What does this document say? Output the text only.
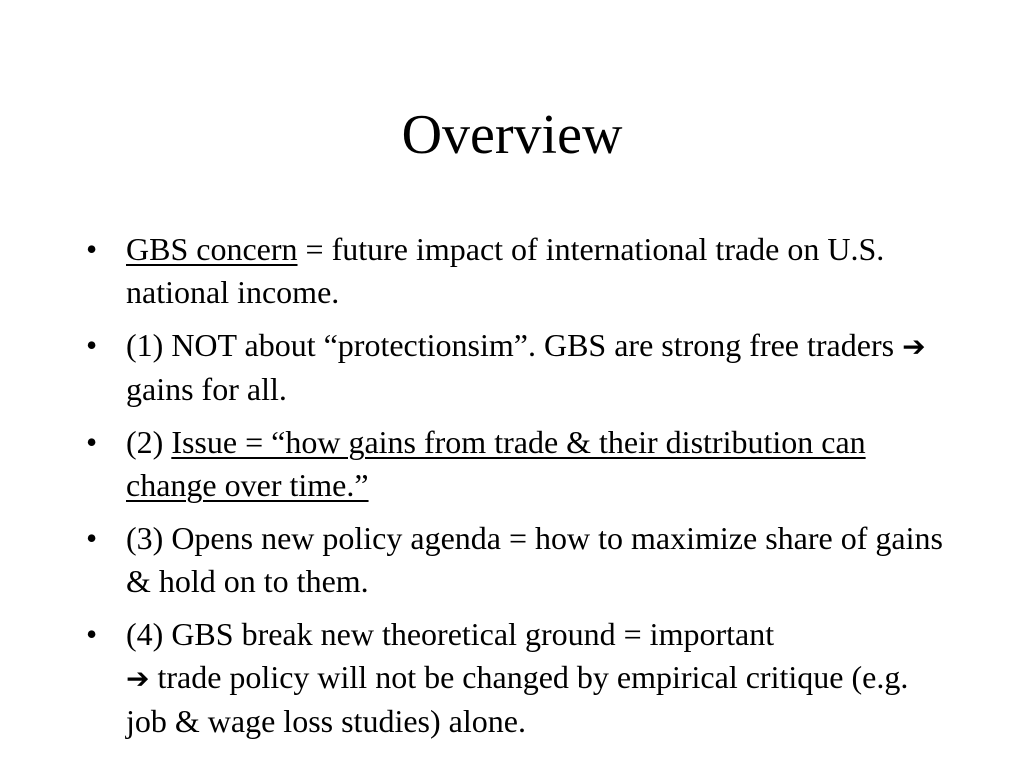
Overview
• GBS concern = future impact of international trade on U.S. national income.
• (1) NOT about “protectionsim”. GBS are strong free traders ➔ gains for all.
• (2) Issue = “how gains from trade & their distribution can change over time.”
• (3) Opens new policy agenda = how to maximize share of gains & hold on to them.
• (4) GBS break new theoretical ground = important
➔ trade policy will not be changed by empirical critique (e.g. job & wage loss studies) alone.
